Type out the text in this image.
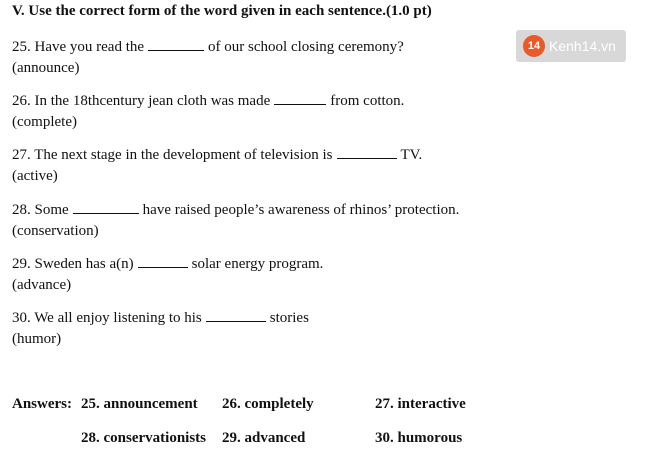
V. Use the correct form of the word given in each sentence.(1.0 pt)
14 Kenh14.vn
25. Have you read the	of our school closing ceremony?
(announce)
26. In the 18thcentury jean cloth was made	from cotton.
(complete)
27. The next stage in the development of television is	TV.
(active)
28. Some	have raised people’s awareness of rhinos’ protection.
(conservation)
29. Sweden has a(n)	solar energy program.
(advance)
30. We all enjoy listening to his	stories
(humor)
Answers: 25. announcement 26. completely	27. interactive
28. conservationists 29. advanced	30. humorous
